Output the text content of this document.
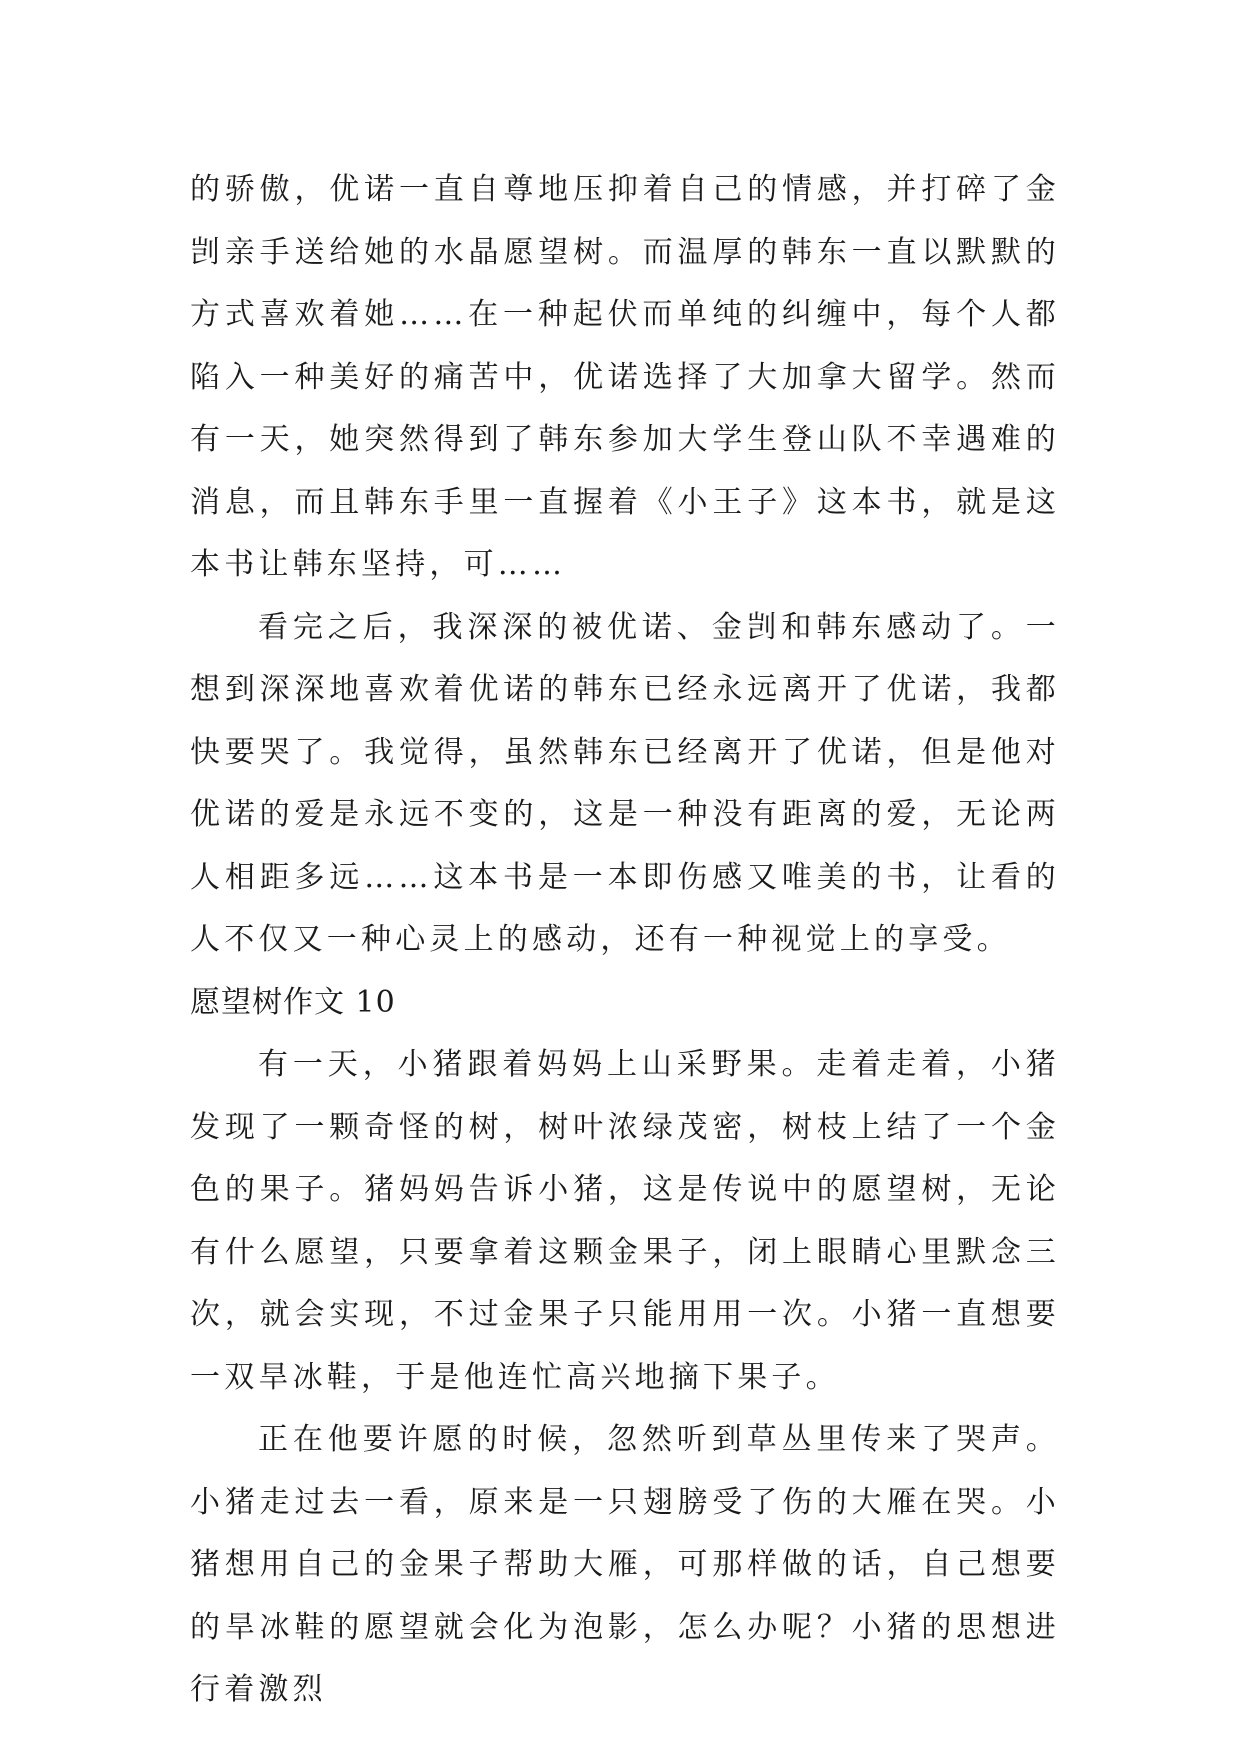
的骄傲，优诺一直自尊地压抑着自己的情感，并打碎了金剀亲手送给她的水晶愿望树。而温厚的韩东一直以默默的方式喜欢着她……在一种起伏而单纯的纠缠中，每个人都陷入一种美好的痛苦中，优诺选择了大加拿大留学。然而有一天，她突然得到了韩东参加大学生登山队不幸遇难的消息，而且韩东手里一直握着《小王子》这本书，就是这本书让韩东坚持，可……

看完之后，我深深的被优诺、金剀和韩东感动了。一想到深深地喜欢着优诺的韩东已经永远离开了优诺，我都快要哭了。我觉得，虽然韩东已经离开了优诺，但是他对优诺的爱是永远不变的，这是一种没有距离的爱，无论两人相距多远……这本书是一本即伤感又唯美的书，让看的人不仅又一种心灵上的感动，还有一种视觉上的享受。

愿望树作文 10

有一天，小猪跟着妈妈上山采野果。走着走着，小猪发现了一颗奇怪的树，树叶浓绿茂密，树枝上结了一个金色的果子。猪妈妈告诉小猪，这是传说中的愿望树，无论有什么愿望，只要拿着这颗金果子，闭上眼睛心里默念三次，就会实现，不过金果子只能用用一次。小猪一直想要一双旱冰鞋，于是他连忙高兴地摘下果子。

正在他要许愿的时候，忽然听到草丛里传来了哭声。小猪走过去一看，原来是一只翅膀受了伤的大雁在哭。小猪想用自己的金果子帮助大雁，可那样做的话，自己想要的旱冰鞋的愿望就会化为泡影，怎么办呢？小猪的思想进行着激烈
